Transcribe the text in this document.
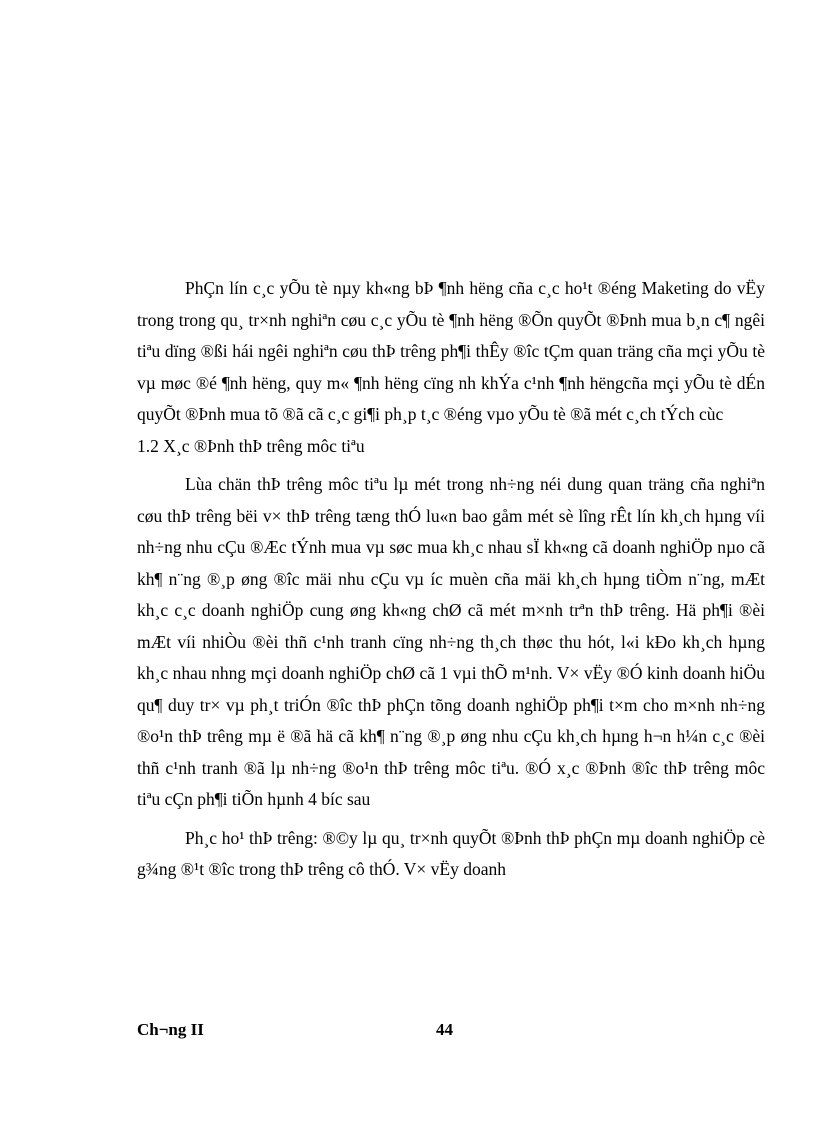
PhÇn lín c¸c yÕu tè nµy kh«ng bÞ ¶nh hëng cña c¸c ho¹t ®éng Maketing do vËy trong trong qu¸ tr×nh nghiªn cøu c¸c yÕu tè ¶nh hëng ®Õn quyÕt ®Þnh mua b¸n c¶ ngêi tiªu dïng ®ßi hái ngêi nghiªn cøu thÞ trêng ph¶i thÊy ®îc tÇm quan träng cña mçi yÕu tè vµ møc ®é ¶nh hëng, quy m« ¶nh hëng cïng nh khÝa c¹nh ¶nh hëngcña mçi yÕu tè dÉn quyÕt ®Þnh mua tõ ®ã cã c¸c gi¶i ph¸p t¸c ®éng vµo yÕu tè ®ã mét c¸ch tÝch cùc

1.2 X¸c ®Þnh thÞ trêng môc tiªu

Lùa chän thÞ trêng môc tiªu lµ mét trong nh÷ng néi dung quan träng cña nghiªn cøu thÞ trêng bëi v× thÞ trêng tæng thÓ lu«n bao gåm mét sè lîng rÊt lín kh¸ch hµng víi nh÷ng nhu cÇu ®Æc tÝnh mua vµ søc mua kh¸c nhau sÏ kh«ng cã doanh nghiÖp nµo cã kh¶ n¨ng ®¸p øng ®îc mäi nhu cÇu vµ íc muèn cña mäi kh¸ch hµng tiÒm n¨ng, mÆt kh¸c c¸c doanh nghiÖp cung øng kh«ng chØ cã mét m×nh trªn thÞ trêng. Hä ph¶i ®èi mÆt víi nhiÒu ®èi thñ c¹nh tranh cïng nh÷ng th¸ch thøc thu hót, l«i kÐo kh¸ch hµng kh¸c nhau nhng mçi doanh nghiÖp chØ cã 1 vµi thÕ m¹nh. V× vËy ®Ó kinh doanh hiÖu qu¶ duy tr× vµ ph¸t triÓn ®îc thÞ phÇn tõng doanh nghiÖp ph¶i t×m cho m×nh nh÷ng ®o¹n thÞ trêng mµ ë ®ã hä cã kh¶ n¨ng ®¸p øng nhu cÇu kh¸ch hµng h¬n h¼n c¸c ®èi thñ c¹nh tranh ®ã lµ nh÷ng ®o¹n thÞ trêng môc tiªu. ®Ó x¸c ®Þnh ®îc thÞ trêng môc tiªu cÇn ph¶i tiÕn hµnh 4 bíc sau

Ph¸c ho¹ thÞ trêng: ®©y lµ qu¸ tr×nh quyÕt ®Þnh thÞ phÇn mµ doanh nghiÖp cè g¾ng ®¹t ®îc trong thÞ trêng cô thÓ. V× vËy doanh

Ch¬ng II	44
